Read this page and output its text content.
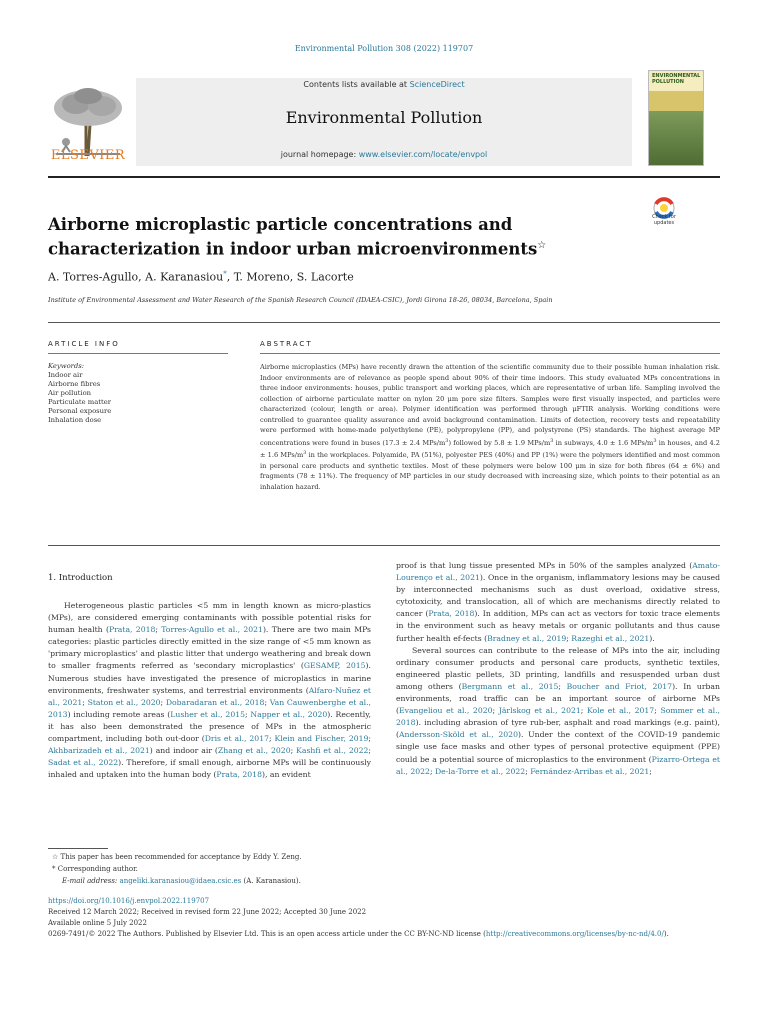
Environmental Pollution 308 (2022) 119707
ELSEVIER
Contents lists available at ScienceDirect
Environmental Pollution
journal homepage: www.elsevier.com/locate/envpol
ENVIRONMENTAL POLLUTION
Airborne microplastic particle concentrations and characterization in indoor urban microenvironments☆
Check for updates
A. Torres-Agullo, A. Karanasiou*, T. Moreno, S. Lacorte
Institute of Environmental Assessment and Water Research of the Spanish Research Council (IDAEA-CSIC), Jordi Girona 18-26, 08034, Barcelona, Spain
ARTICLE INFO	ABSTRACT
Keywords:
Indoor air
Airborne fibres
Air pollution
Particulate matter
Personal exposure
Inhalation dose
Airborne microplastics (MPs) have recently drawn the attention of the scientific community due to their possible human inhalation risk. Indoor environments are of relevance as people spend about 90% of their time indoors. This study evaluated MPs concentrations in three indoor environments: houses, public transport and working places, which are representative of urban life. Sampling involved the collection of airborne particulate matter on nylon 20 μm pore size filters. Samples were first visually inspected, and particles were characterized (colour, length or area). Polymer identification was performed through μFTIR analysis. Working conditions were controlled to guarantee quality assurance and avoid background contamination. Limits of detection, recovery tests and repeatability were performed with home-made polyethylene (PE), polypropylene (PP), and polystyrene (PS) standards. The highest average MP concentrations were found in buses (17.3 ± 2.4 MPs/$m^3$) followed by 5.8 ± 1.9 MPs/$m^3$ in subways, 4.0 ± 1.6 MPs/$m^3$ in houses, and 4.2 ± 1.6 MPs/$m^3$ in the workplaces. Polyamide, PA (51%), polyester PES (40%) and PP (1%) were the polymers identified and most common in personal care products and synthetic textiles. Most of these polymers were below 100 μm in size for both fibres (64 ± 6%) and fragments (78 ± 11%). The frequency of MP particles in our study decreased with increasing size, which points to their potential as an inhalation hazard.
1. Introduction

Heterogeneous plastic particles <5 mm in length known as micro-plastics (MPs), are considered emerging contaminants with possible potential risks for human health (Prata, 2018; Torres-Agullo et al., 2021). There are two main MPs categories: plastic particles directly emitted in the size range of <5 mm known as 'primary microplastics' and plastic litter that undergo weathering and break down to smaller fragments referred as 'secondary microplastics' (GESAMP, 2015). Numerous studies have investigated the presence of microplastics in marine environments, freshwater systems, and terrestrial environments (Alfaro-Nuñez et al., 2021; Staton et al., 2020; Dobaradaran et al., 2018; Van Cauwenberghe et al., 2013) including remote areas (Lusher et al., 2015; Napper et al., 2020). Recently, it has also been demonstrated the presence of MPs in the atmospheric compartment, including both out-door (Dris et al., 2017; Klein and Fischer, 2019; Akhbarizadeh et al., 2021) and indoor air (Zhang et al., 2020; Kashfi et al., 2022; Sadat et al., 2022). Therefore, if small enough, airborne MPs will be continuously inhaled and uptaken into the human body (Prata, 2018), an evident

proof is that lung tissue presented MPs in 50% of the samples analyzed (Amato-Lourenço et al., 2021). Once in the organism, inflammatory lesions may be caused by interconnected mechanisms such as dust overload, oxidative stress, cytotoxicity, and translocation, all of which are mechanisms directly related to cancer (Prata, 2018). In addition, MPs can act as vectors for toxic trace elements in the environment such as heavy metals or organic pollutants and thus cause further health ef-fects (Bradney et al., 2019; Razeghi et al., 2021).

Several sources can contribute to the release of MPs into the air, including ordinary consumer products and personal care products, synthetic textiles, engineered plastic pellets, 3D printing, landfills and resuspended urban dust among others (Bergmann et al., 2015; Boucher and Friot, 2017). In urban environments, road traffic can be an important source of airborne MPs (Evangeliou et al., 2020; Järlskog et al., 2021; Kole et al., 2017; Sommer et al., 2018). including abrasion of tyre rub-ber, asphalt and road markings (e.g. paint), (Andersson-Sköld et al., 2020). Under the context of the COVID-19 pandemic single use face masks and other types of personal protective equipment (PPE) could be a potential source of microplastics to the environment (Pizarro-Ortega et al., 2022; De-la-Torre et al., 2022; Fernández-Arribas et al., 2021;

☆ This paper has been recommended for acceptance by Eddy Y. Zeng.
* Corresponding author.
E-mail address: angeliki.karanasiou@idaea.csic.es (A. Karanasiou).
https://doi.org/10.1016/j.envpol.2022.119707
Received 12 March 2022; Received in revised form 22 June 2022; Accepted 30 June 2022
Available online 5 July 2022
0269-7491/© 2022 The Authors. Published by Elsevier Ltd. This is an open access article under the CC BY-NC-ND license (http://creativecommons.org/licenses/by-nc-nd/4.0/).
